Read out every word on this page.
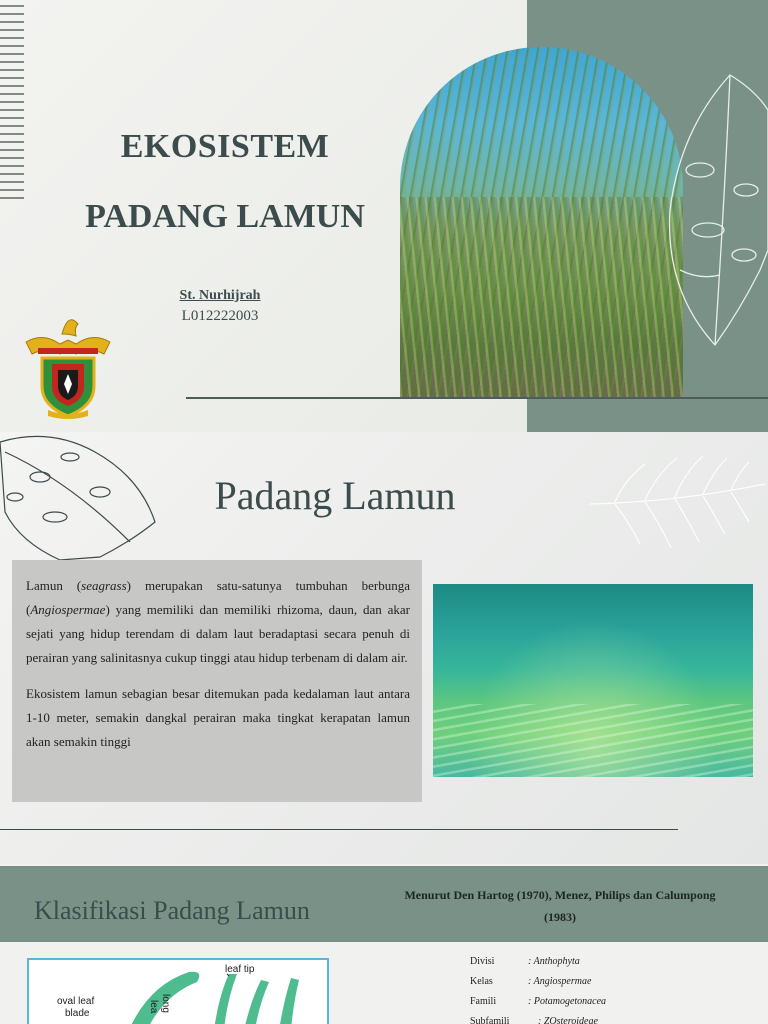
EKOSISTEM
PADANG LAMUN
St. Nurhijrah
L012222003
Padang Lamun

Lamun (seagrass) merupakan satu-satunya tumbuhan berbunga (Angiospermae) yang memiliki dan memiliki rhizoma, daun, dan akar sejati yang hidup terendam di dalam laut beradaptasi secara penuh di perairan yang salinitasnya cukup tinggi atau hidup terbenam di dalam air.

Ekosistem lamun sebagian besar ditemukan pada kedalaman laut antara 1-10 meter, semakin dangkal perairan maka tingkat kerapatan lamun akan semakin tinggi

Klasifikasi Padang Lamun
Menurut Den Hartog (1970), Menez, Philips dan Calumpong
(1983)
leaf tip
oval leaf
blade
long
lea
Divisi	: Anthophyta
Kelas	: Angiospermae
Famili	: Potamogetonacea
Subfamili : ZOsteroideae
